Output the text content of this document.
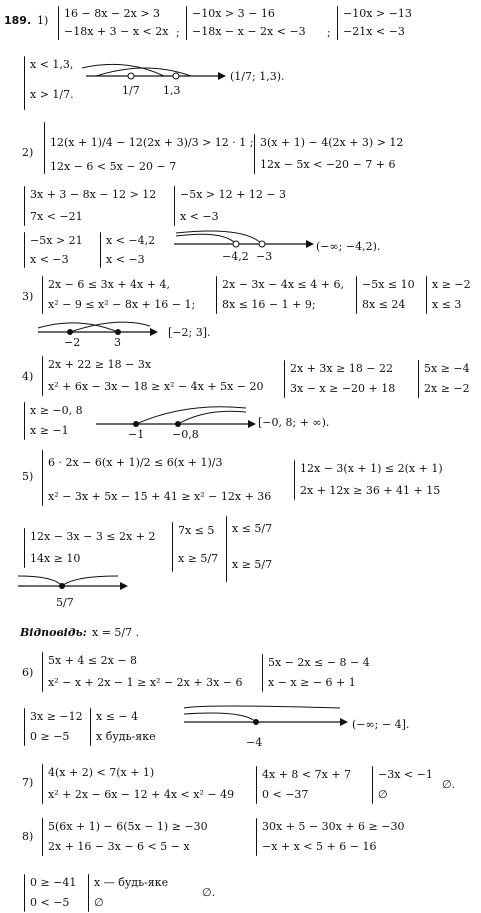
189. 1)
16 − 8x − 2x > 3
−18x + 3 − x < 2x ;
−10x > 3 − 16
−18x − x − 2x < −3 ;
−10x > −13
−21x < −3
x < 1,3,
x > 1/7.	1/7 1,3
(1/7; 1,3).
2)
12(x + 1)/4 − 12(2x + 3)/3 > 12 · 1 ;
12x − 6 < 5x − 20 − 7
3(x + 1) − 4(2x + 3) > 12
12x − 5x < −20 − 7 + 6
3x + 3 − 8x − 12 > 12
7x < −21
−5x > 12 + 12 − 3
x < −3
−5x > 21
x < −3
x < −4,2
x < −3	−4,2 −3
(−∞; −4,2).
3)
2x − 6 ≤ 3x + 4x + 4,
x² − 9 ≤ x² − 8x + 16 − 1;
2x − 3x − 4x ≤ 4 + 6,
8x ≤ 16 − 1 + 9;
−5x ≤ 10
8x ≤ 24
x ≥ −2
x ≤ 3
−2	3
[−2; 3].
4)
2x + 22 ≥ 18 − 3x
x² + 6x − 3x − 18 ≥ x² − 4x + 5x − 20
2x + 3x ≥ 18 − 22
3x − x ≥ −20 + 18
5x ≥ −4
2x ≥ −2
x ≥ −0, 8
x ≥ −1	−1	−0,8
[−0, 8; + ∞).
5)
6 · 2x − 6(x + 1)/2 ≤ 6(x + 1)/3
x² − 3x + 5x − 15 + 41 ≥ x² − 12x + 36
12x − 3(x + 1) ≤ 2(x + 1)
2x + 12x ≥ 36 + 41 + 15
12x − 3x − 3 ≤ 2x + 2
14x ≥ 10
7x ≤ 5
x ≥ 5/7
x ≤ 5/7
x ≥ 5/7
5/7
Відповідь: x = 5/7 .
6)
5x + 4 ≤ 2x − 8
x² − x + 2x − 1 ≥ x² − 2x + 3x − 6
5x − 2x ≤ − 8 − 4
x − x ≥ − 6 + 1
3x ≥ −12
0 ≥ −5
x ≤ − 4
x будь-яке	−4
(−∞; − 4].
7)
4(x + 2) < 7(x + 1)
x² + 2x − 6x − 12 + 4x < x² − 49
4x + 8 < 7x + 7
0 < −37
−3x < −1
∅
∅.
8)
5(6x + 1) − 6(5x − 1) ≥ −30
2x + 16 − 3x − 6 < 5 − x
30x + 5 − 30x + 6 ≥ −30
−x + x < 5 + 6 − 16
0 ≥ −41
0 < −5
x — будь-яке
∅
∅.
